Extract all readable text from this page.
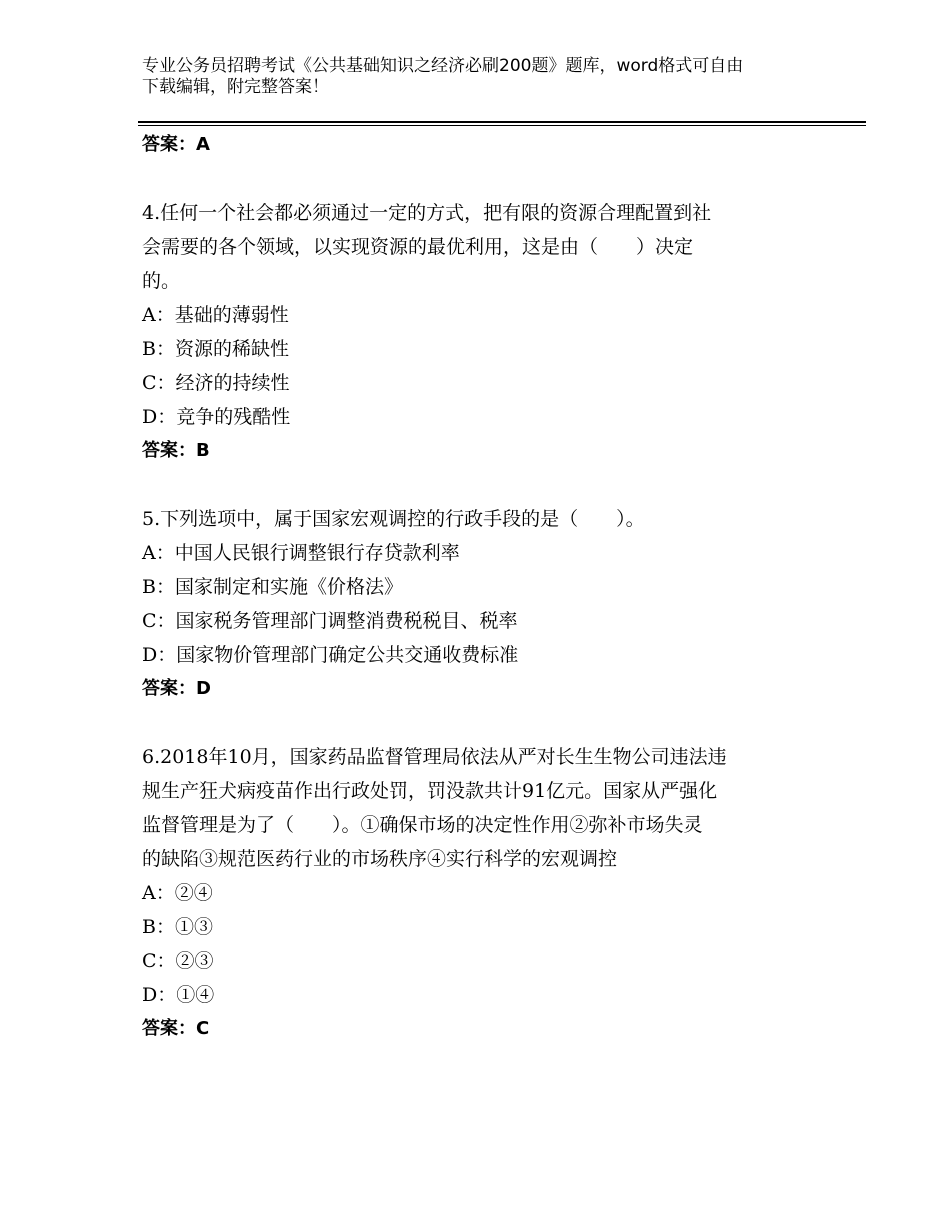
专业公务员招聘考试《公共基础知识之经济必刷200题》题库，word格式可自由
下载编辑，附完整答案！
答案：A
4.任何一个社会都必须通过一定的方式，把有限的资源合理配置到社
会需要的各个领域，以实现资源的最优利用，这是由（　　）决定
的。
A：基础的薄弱性
B：资源的稀缺性
C：经济的持续性
D：竞争的残酷性
答案：B
5.下列选项中，属于国家宏观调控的行政手段的是（　　）。
A：中国人民银行调整银行存贷款利率
B：国家制定和实施《价格法》
C：国家税务管理部门调整消费税税目、税率
D：国家物价管理部门确定公共交通收费标准
答案：D
6.2018年10月，国家药品监督管理局依法从严对长生生物公司违法违
规生产狂犬病疫苗作出行政处罚，罚没款共计91亿元。国家从严强化
监督管理是为了（　　）。①确保市场的决定性作用②弥补市场失灵
的缺陷③规范医药行业的市场秩序④实行科学的宏观调控
A：②④
B：①③
C：②③
D：①④
答案：C
